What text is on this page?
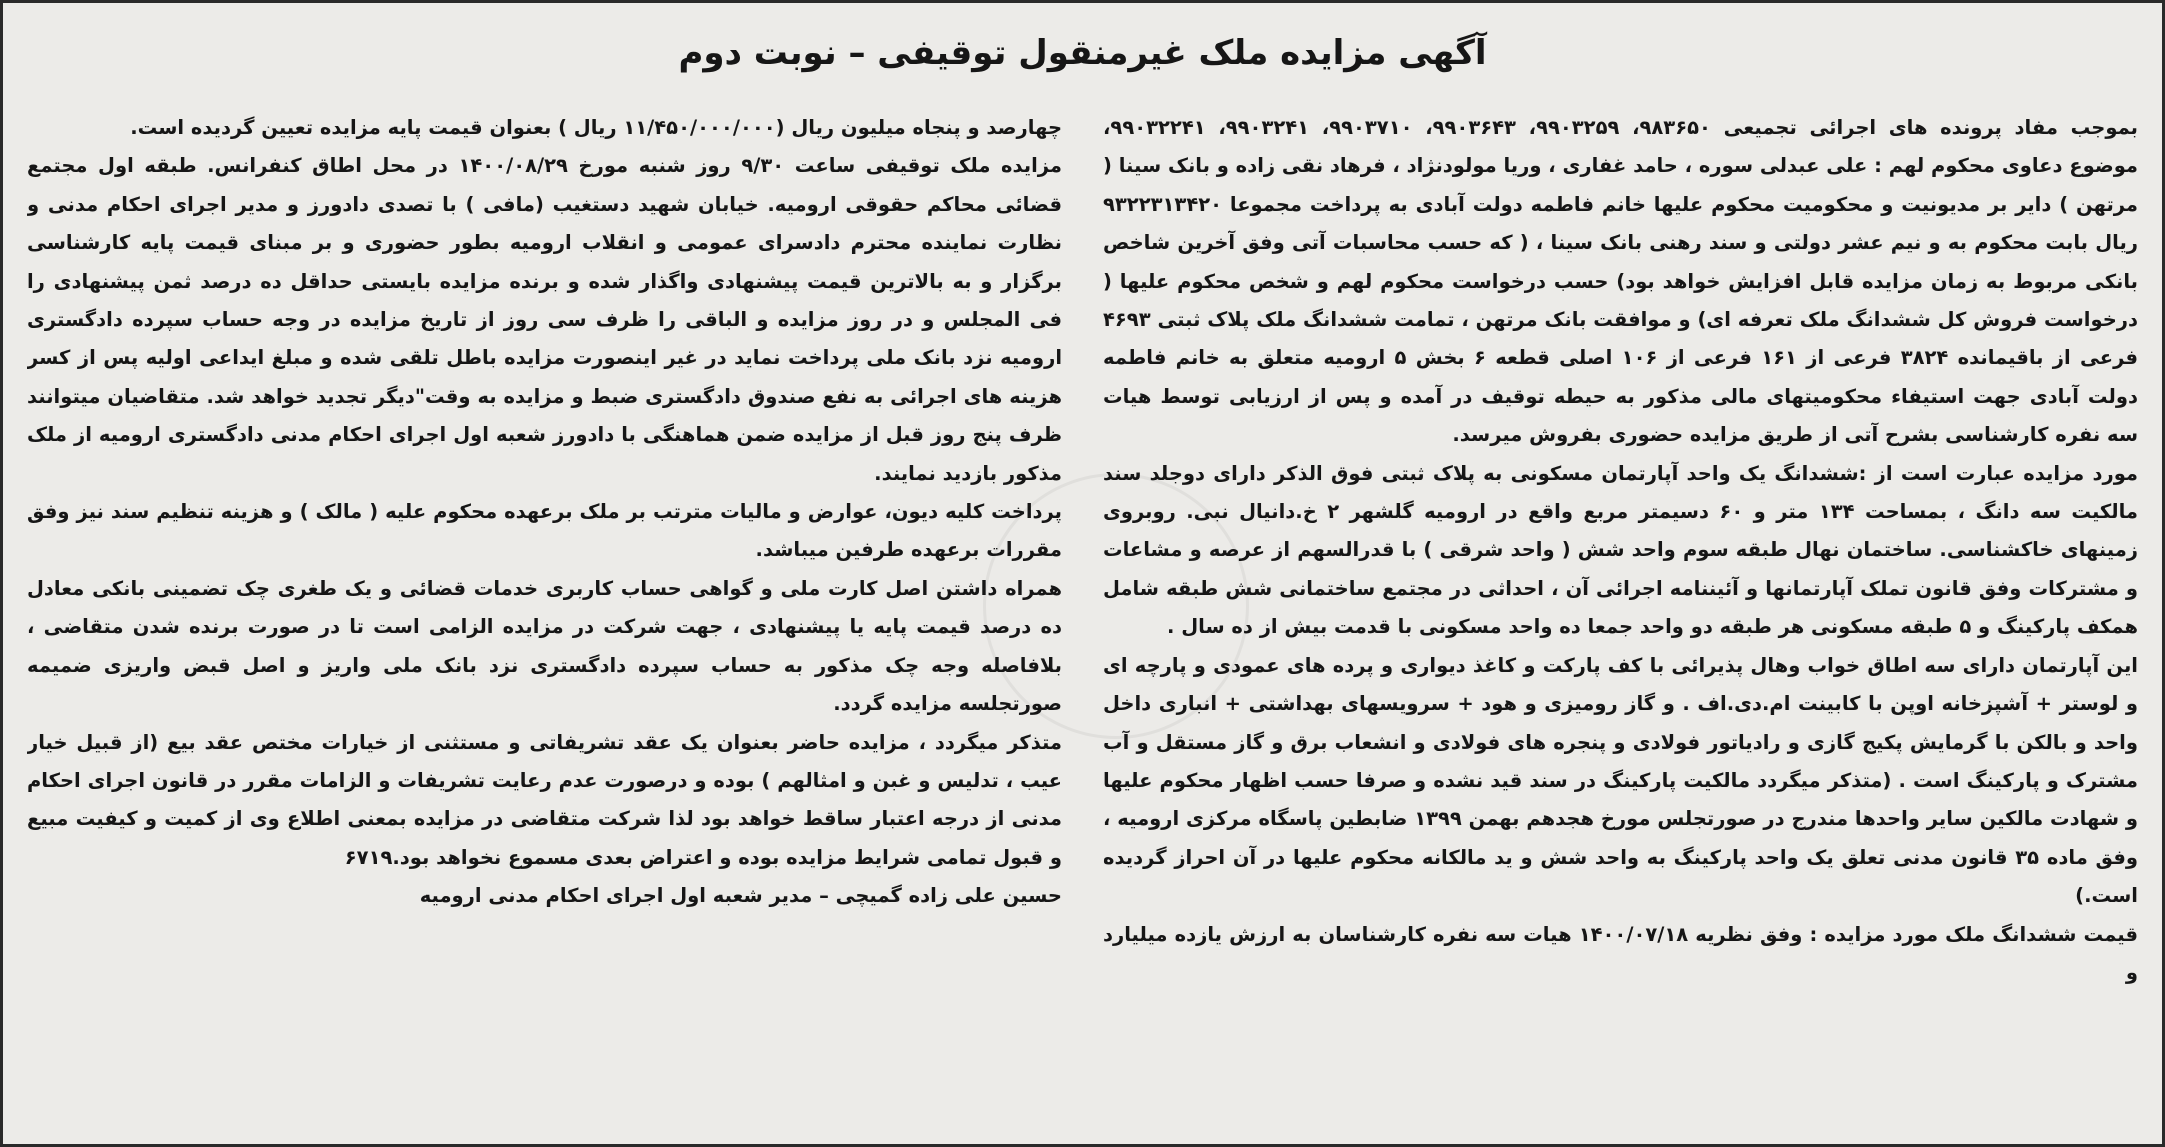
آگهی مزایده ملک غیرمنقول توقیفی – نوبت دوم

بموجب مفاد پرونده های اجرائی تجمیعی ۹۸۳۶۵۰، ۹۹۰۳۲۵۹، ۹۹۰۳۶۴۳، ۹۹۰۳۷۱۰، ۹۹۰۳۲۴۱، ۹۹۰۳۲۲۴۱، موضوع دعاوی محکوم لهم : علی عبدلی سوره ، حامد غفاری ، وریا مولودنژاد ، فرهاد نقی زاده و بانک سینا ( مرتهن ) دایر بر مدیونیت و محکومیت محکوم علیها خانم فاطمه دولت آبادی به پرداخت مجموعا ۹۳۲۲۳۱۳۴۲۰ ریال بابت محکوم به و نیم عشر دولتی و سند رهنی بانک سینا ، ( که حسب محاسبات آتی وفق آخرین شاخص بانکی مربوط به زمان مزایده قابل افزایش خواهد بود) حسب درخواست محکوم لهم و شخص محکوم علیها ( درخواست فروش کل ششدانگ ملک تعرفه ای) و موافقت بانک مرتهن ، تمامت ششدانگ ملک پلاک ثبتی ۴۶۹۳ فرعی از باقیمانده ۳۸۲۴ فرعی از ۱۶۱ فرعی از ۱۰۶ اصلی قطعه ۶ بخش ۵ ارومیه متعلق به خانم فاطمه دولت آبادی جهت استیفاء محکومیتهای مالی مذکور به حیطه توقیف در آمده و پس از ارزیابی توسط هیات سه نفره کارشناسی بشرح آتی از طریق مزایده حضوری بفروش میرسد.

مورد مزایده عبارت است از :ششدانگ یک واحد آپارتمان مسکونی به پلاک ثبتی فوق الذکر دارای دوجلد سند مالکیت سه دانگ ، بمساحت ۱۳۴ متر و ۶۰ دسیمتر مربع واقع در ارومیه گلشهر ۲ خ.دانیال نبی. روبروی زمینهای خاکشناسی. ساختمان نهال طبقه سوم واحد شش ( واحد شرقی ) با قدرالسهم از عرصه و مشاعات و مشترکات وفق قانون تملک آپارتمانها و آئیننامه اجرائی آن ، احداثی در مجتمع ساختمانی شش طبقه شامل همکف پارکینگ و ۵ طبقه مسکونی هر طبقه دو واحد جمعا ده واحد مسکونی با قدمت بیش از ده سال .

این آپارتمان دارای سه اطاق خواب وهال پذیرائی با کف پارکت و کاغذ دیواری و پرده های عمودی و پارچه ای و لوستر + آشپزخانه اوپن با کابینت ام.دی.اف . و گاز رومیزی و هود + سرویسهای بهداشتی + انباری داخل واحد و بالکن با گرمایش پکیج گازی و رادیاتور فولادی و پنجره های فولادی و انشعاب برق و گاز مستقل و آب مشترک و پارکینگ است . (متذکر میگردد مالکیت پارکینگ در سند قید نشده و صرفا حسب اظهار محکوم علیها و شهادت مالکین سایر واحدها مندرج در صورتجلس مورخ هجدهم بهمن ۱۳۹۹ ضابطین پاسگاه مرکزی ارومیه ، وفق ماده ۳۵ قانون مدنی تعلق یک واحد پارکینگ به واحد شش و ید مالکانه محکوم علیها در آن احراز گردیده است.)

قیمت ششدانگ ملک مورد مزایده : وفق نظریه ۱۴۰۰/۰۷/۱۸ هیات سه نفره کارشناسان به ارزش یازده میلیارد و

چهارصد و پنجاه میلیون ریال (۱۱/۴۵۰/۰۰۰/۰۰۰ ریال ) بعنوان قیمت پایه مزایده تعیین گردیده است.

مزایده ملک توقیفی ساعت ۹/۳۰ روز شنبه مورخ ۱۴۰۰/۰۸/۲۹ در محل اطاق کنفرانس. طبقه اول مجتمع قضائی محاکم حقوقی ارومیه. خیابان شهید دستغیب (مافی ) با تصدی دادورز و مدیر اجرای احکام مدنی و نظارت نماینده محترم دادسرای عمومی و انقلاب ارومیه بطور حضوری و بر مبنای قیمت پایه کارشناسی برگزار و به بالاترین قیمت پیشنهادی واگذار شده و برنده مزایده بایستی حداقل ده درصد ثمن پیشنهادی را فی المجلس و در روز مزایده و الباقی را ظرف سی روز از تاریخ مزایده در وجه حساب سپرده دادگستری ارومیه نزد بانک ملی پرداخت نماید در غیر اینصورت مزایده باطل تلقی شده و مبلغ ایداعی اولیه پس از کسر هزینه های اجرائی به نفع صندوق دادگستری ضبط و مزایده به وقت"دیگر تجدید خواهد شد. متقاضیان میتوانند ظرف پنج روز قبل از مزایده ضمن هماهنگی با دادورز شعبه اول اجرای احکام مدنی دادگستری ارومیه از ملک مذکور بازدید نمایند.

پرداخت کلیه دیون، عوارض و مالیات مترتب بر ملک برعهده محکوم علیه ( مالک ) و هزینه تنظیم سند نیز وفق مقررات برعهده طرفین میباشد.

همراه داشتن اصل کارت ملی و گواهی حساب کاربری خدمات قضائی و یک طغری چک تضمینی بانکی معادل ده درصد قیمت پایه یا پیشنهادی ، جهت شرکت در مزایده الزامی است تا در صورت برنده شدن متقاضی ، بلافاصله وجه چک مذکور به حساب سپرده دادگستری نزد بانک ملی واریز و اصل قبض واریزی ضمیمه صورتجلسه مزایده گردد.

متذکر میگردد ، مزایده حاضر بعنوان یک عقد تشریفاتی و مستثنی از خیارات مختص عقد بیع (از قبیل خیار عیب ، تدلیس و غبن و امثالهم ) بوده و درصورت عدم رعایت تشریفات و الزامات مقرر در قانون اجرای احکام مدنی از درجه اعتبار ساقط خواهد بود لذا شرکت متقاضی در مزایده بمعنی اطلاع وی از کمیت و کیفیت مبیع و قبول تمامی شرایط مزایده بوده و اعتراض بعدی مسموع نخواهد بود.۶۷۱۹

حسین علی زاده گمیچی – مدیر شعبه اول اجرای احکام مدنی ارومیه
